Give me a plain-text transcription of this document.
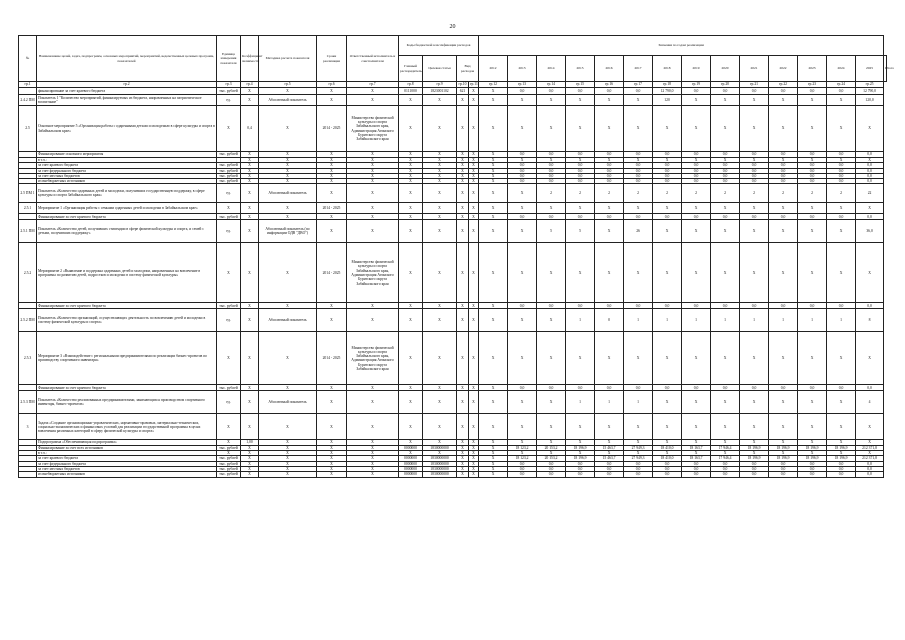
20
№	Наименование целей, задач, подпрограмм, основных мероприятий, мероприятий, ведомственных целевых программ, показателей	Единица измерения показателя	Коэффициент значимости	Методика расчета показателя	Сроки реализации	Ответственный исполнитель и соисполнители	Коды бюджетной классификации расходов				Значения по годам реализации														
							Главный распорядитель	Целевая статья	Вид расходов		2012	2013	2014	2015	2016	2017	2018	2019	2020	2021	2022	2023	2024	2025	Итого
гр.1	гр.2	гр.3	гр.4	гр.5	гр.6	гр.7	гр.8	гр.9	гр.10	гр.11	гр.12	гр.13	гр.14	гр.15	гр.16	гр.17	гр.18	гр.19	гр.20	гр.21	гр.22	гр.23	гр.24	гр.25	
	финансирование за счет краевого бюджета	тыс. рублей	Х	Х	Х	Х	0111000	1823001102	621	Х	Х	0,0	0,0	0,0	0,0	0,0	12 790,0	0,0	0,0	0,0	0,0	0,0	0,0	12 790,0	
2.4.2 ПМ	Показатель 1 "Количество мероприятий, финансируемых из бюджета, направленных на патриотическое воспитание"	ед.	Х	Абсолютный показатель	Х	Х	Х	Х	Х	Х	Х	Х	Х	Х	Х	Х	120	Х	Х	Х	Х	Х	Х	120,0	
2.5	Основное мероприятие 5 «Организация работы с одаренными детьми и молодежью в сфере культуры и спорта в Забайкальском крае»	Х	0,4	Х	2014 - 2025	Министерство физической культуры и спорта Забайкальского края, Администрация Агинского Бурятского округа Забайкальского края	Х	Х	Х	Х	Х	Х	Х	Х	Х	Х	Х	Х	Х	Х	Х	Х	Х	Х	
	Финансирование основного мероприятия	тыс. рублей	Х	Х	Х	Х	Х	Х	Х	Х	Х	0,0	0,0	0,0	0,0	0,0	0,0	0,0	0,0	0,0	0,0	0,0	0,0	0,0	
	в т.ч.:		Х	Х	Х	Х	Х	Х	Х	Х	Х	Х	Х	Х	Х	Х	Х	Х	Х	Х	Х	Х	Х	Х	
	за счет краевого бюджета	тыс. рублей	Х	Х	Х	Х	Х	Х	Х	Х	Х	0,0	0,0	0,0	0,0	0,0	0,0	0,0	0,0	0,0	0,0	0,0	0,0	0,0	
	за счет федерального бюджета	тыс. рублей	Х	Х	Х	Х	Х	Х	Х	Х	Х	0,0	0,0	0,0	0,0	0,0	0,0	0,0	0,0	0,0	0,0	0,0	0,0	0,0	
	за счет местных бюджетов	тыс. рублей	Х	Х	Х	Х	Х	Х	Х	Х	Х	0,0	0,0	0,0	0,0	0,0	0,0	0,0	0,0	0,0	0,0	0,0	0,0	0,0	
	из внебюджетных источников	тыс. рублей	Х	Х	Х	Х	Х	Х	Х	Х	Х	0,0	0,0	0,0	0,0	0,0	0,0	0,0	0,0	0,0	0,0	0,0	0,0	0,0	
2.5 ПМ 1	Показатель «Количество одаренных детей и молодежи, получивших государственную поддержку, в сфере культуры и спорта Забайкальского края»	ед.	Х	Абсолютный показатель	Х	Х	Х	Х	Х	Х	Х	Х	2	2	2	2	2	2	2	2	2	2	2	22	
2.5.1	Мероприятие 1 «Организация работы с семьями одаренных детей и молодежи в Забайкальском крае»	Х	Х	Х	2014 - 2025	Х	Х	Х	Х	Х	Х	Х	Х	Х	Х	Х	Х	Х	Х	Х	Х	Х	Х	Х	
	Финансирование за счет краевого бюджета	тыс. рублей	Х	Х	Х	Х	Х	Х	Х	Х	Х	0,0	0,0	0,0	0,0	0,0	0,0	0,0	0,0	0,0	0,0	0,0	0,0	0,0	
2.5.1 ПМ	Показатель «Количество детей, получивших стипендии в сфере физической культуры и спорта, и семей с детьми, получивших поддержку»	ед.	Х	Абсолютный показатель (по информации ОДВ "ДВО")	Х	Х	Х	Х	Х	Х	Х	Х	5	5	Х	26	Х	Х	Х	Х	Х	Х	Х	36,0	
2.5.2	Мероприятие 2 «Выявление и поддержка одаренных детей и молодежи, направленных на вовлечение в программы по развитию детей, подростков и молодежи в систему физической культуры»	Х	Х	Х	2014 - 2025	Министерство физической культуры и спорта Забайкальского края, Администрация Агинского Бурятского округа Забайкальского края	Х	Х	Х	Х	Х	Х	Х	Х	Х	Х	Х	Х	Х	Х	Х	Х	Х	Х	
	Финансирование за счет краевого бюджета	тыс. рублей	Х	Х	Х	Х	Х	Х	Х	Х	Х	0,0	0,0	0,0	0,0	0,0	0,0	0,0	0,0	0,0	0,0	0,0	0,0	0,0	
2.5.2 ПМ	Показатель «Количество организаций, осуществляющих деятельность по вовлечению детей и молодежи в систему физической культуры и спорта»	ед.	Х	Абсолютный показатель	Х	Х	Х	Х	Х	Х	Х	Х	Х	1	0	1	1	1	1	1	1	1	1	8	
2.5.3	Мероприятие 3 «Взаимодействие с региональными предпринимателями по реализации бизнес-проектов по производству спортивного инвентаря»	Х	Х	Х	2014 - 2025	Министерство физической культуры и спорта Забайкальского края, Администрация Агинского Бурятского округа Забайкальского края	Х	Х	Х	Х	Х	Х	Х	Х	Х	Х	Х	Х	Х	Х	Х	Х	Х	Х	
	Финансирование за счет краевого бюджета	тыс. рублей	Х	Х	Х	Х	Х	Х	Х	Х	Х	0,0	0,0	0,0	0,0	0,0	0,0	0,0	0,0	0,0	0,0	0,0	0,0	0,0	
2.5.3 ПМ	Показатель «Количество реализованных предпринимателями, занимающихся производством спортивного инвентаря, бизнес-проектов»	ед.	Х	Абсолютный показатель	Х	Х	Х	Х	Х	Х	Х	Х	Х	1	1	1	Х	Х	Х	Х	Х	Х	Х	4	
3	Задача «Создание организационно-управленческих, нормативно-правовых, материально-технических, социально-экономических и финансовых условий для реализации государственной программы в целях вовлечения различных категорий в сферу физической культуры и спорта»	Х	Х	Х	Х	Х	Х	Х	Х	Х	Х	Х	Х	Х	Х	Х	Х	Х	Х	Х	Х	Х	Х	Х	
	Подпрограмма «Обеспечивающая подпрограмма»	Х	1,00	Х	Х	Х	Х	Х	Х	Х	Х	Х	Х	Х	Х	Х	Х	Х	Х	Х	Х	Х	Х	Х	
	Финансирование за счет всех источников	тыс. рублей	Х	Х	Х	Х	0000000	1830000000	Х	Х	Х	18 123,2	20 153,2	18 196,9	15 463,7	27 949,3	18 410,0	18 163,7	17 946,4	18 196,9	18 196,9	18 196,9	18 196,9	212 371,8	
	в т.ч.:	Х	Х	Х	Х	Х	Х	Х	Х	Х	Х	Х	Х	Х	Х	Х	Х	Х	Х	Х	Х	Х	Х	Х	
	за счет краевого бюджета	тыс. рублей	Х	Х	Х	Х	0000000	1830000000	Х	Х	Х	18 123,2	20 153,2	18 196,9	15 463,7	27 949,3	18 410,0	18 163,7	17 946,4	18 196,9	18 196,9	18 196,9	18 196,9	212 371,8	
	за счет федерального бюджета	тыс. рублей	Х	Х	Х	Х	0000000	1830000000	Х	Х	Х	0,0	0,0	0,0	0,0	0,0	0,0	0,0	0,0	0,0	0,0	0,0	0,0	0,0	
	за счет местных бюджетов	тыс. рублей	Х	Х	Х	Х	0000000	1830000000	Х	Х	Х	0,0	0,0	0,0	0,0	0,0	0,0	0,0	0,0	0,0	0,0	0,0	0,0	0,0	
	из внебюджетных источников	тыс. рублей	Х	Х	Х	Х	0000000	1830000000	Х	Х	Х	0,0	0,0	0,0	0,0	0,0	0,0	0,0	0,0	0,0	0,0	0,0	0,0	0,0	
